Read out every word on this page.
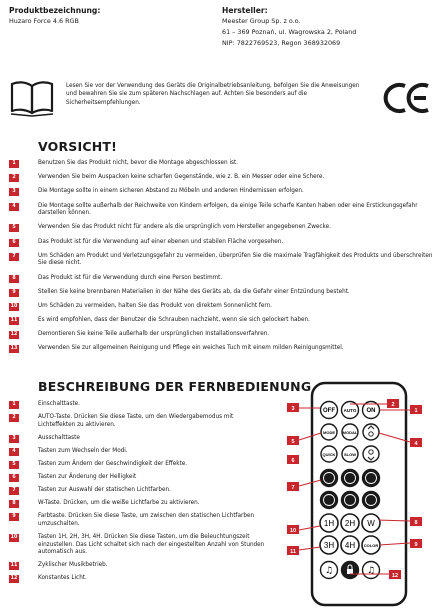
Produktbezeichnung:
Huzaro Force 4.6 RGB
Hersteller:
Meester Group Sp. z o.o.
61 – 369 Poznań, ul. Wagrowska 2, Poland
NIP: 7822769523, Regon 368932069
Lesen Sie vor der Verwendung des Geräts die Originalbetriebsanleitung, befolgen Sie die Anweisungen und bewahren Sie sie zum späteren Nachschlagen auf. Achten Sie besonders auf die Sicherheitsempfehlungen.
VORSICHT!
1	Benutzen Sie das Produkt nicht, bevor die Montage abgeschlossen ist.
2	Verwenden Sie beim Auspacken keine scharfen Gegenstände, wie z. B. ein Messer oder eine Schere.
3	Die Montage sollte in einem sicheren Abstand zu Möbeln und anderen Hindernissen erfolgen.
4	Die Montage sollte außerhalb der Reichweite von Kindern erfolgen, da einige Teile scharfe Kanten haben oder eine Erstickungsgefahr darstellen können.
5	Verwenden Sie das Produkt nicht für andere als die ursprünglich vom Hersteller angegebenen Zwecke.
6	Das Produkt ist für die Verwendung auf einer ebenen und stabilen Fläche vorgesehen.
7	Um Schäden am Produkt und Verletzungsgefahr zu vermeiden, überprüfen Sie die maximale Tragfähigkeit des Produkts und überschreiten Sie diese nicht.
8	Das Produkt ist für die Verwendung durch eine Person bestimmt.
9	Stellen Sie keine brennbaren Materialien in der Nähe des Geräts ab, da die Gefahr einer Entzündung besteht.
10	Um Schäden zu vermeiden, halten Sie das Produkt von direktem Sonnenlicht fern.
11	Es wird empfohlen, dass der Benutzer die Schrauben nachzieht, wenn sie sich gelockert haben.
12	Demontieren Sie keine Teile außerhalb der ursprünglichen Installationsverfahren.
13	Verwenden Sie zur allgemeinen Reinigung und Pflege ein weiches Tuch mit einem milden Reinigungsmittel.
BESCHREIBUNG DER FERNBEDIENUNG
1	Einschalttaste.
2	AUTO-Taste. Drücken Sie diese Taste, um den Wiedergabemodus mit Lichteffekten zu aktivieren.
3	Ausschalttaste
4	Tasten zum Wechseln der Modi.
5	Tasten zum Ändern der Geschwindigkeit der Effekte.
6	Tasten zur Änderung der Helligkeit
7	Tasten zur Auswahl der statischen Lichtfarben.
8	W-Taste. Drücken, um die weiße Lichtfarbe zu aktivieren.
9	Farbtaste. Drücken Sie diese Taste, um zwischen den statischen Lichtfarben umzuschalten.
10	Tasten 1H, 2H, 3H, 4H. Drücken Sie diese Tasten, um die Beleuchtungszeit einzustellen. Das Licht schaltet sich nach der eingestellten Anzahl von Stunden automatisch aus.
11	Zyklischer Musikbetrieb.
12	Konstantes Licht.
OFF AUTO ON
MODE MODAL
QUICK SLOW
1H 2H W
3H 4H COLOR
♫	♫
3
2
1
5	4
6
7
8
10
9
11
12
